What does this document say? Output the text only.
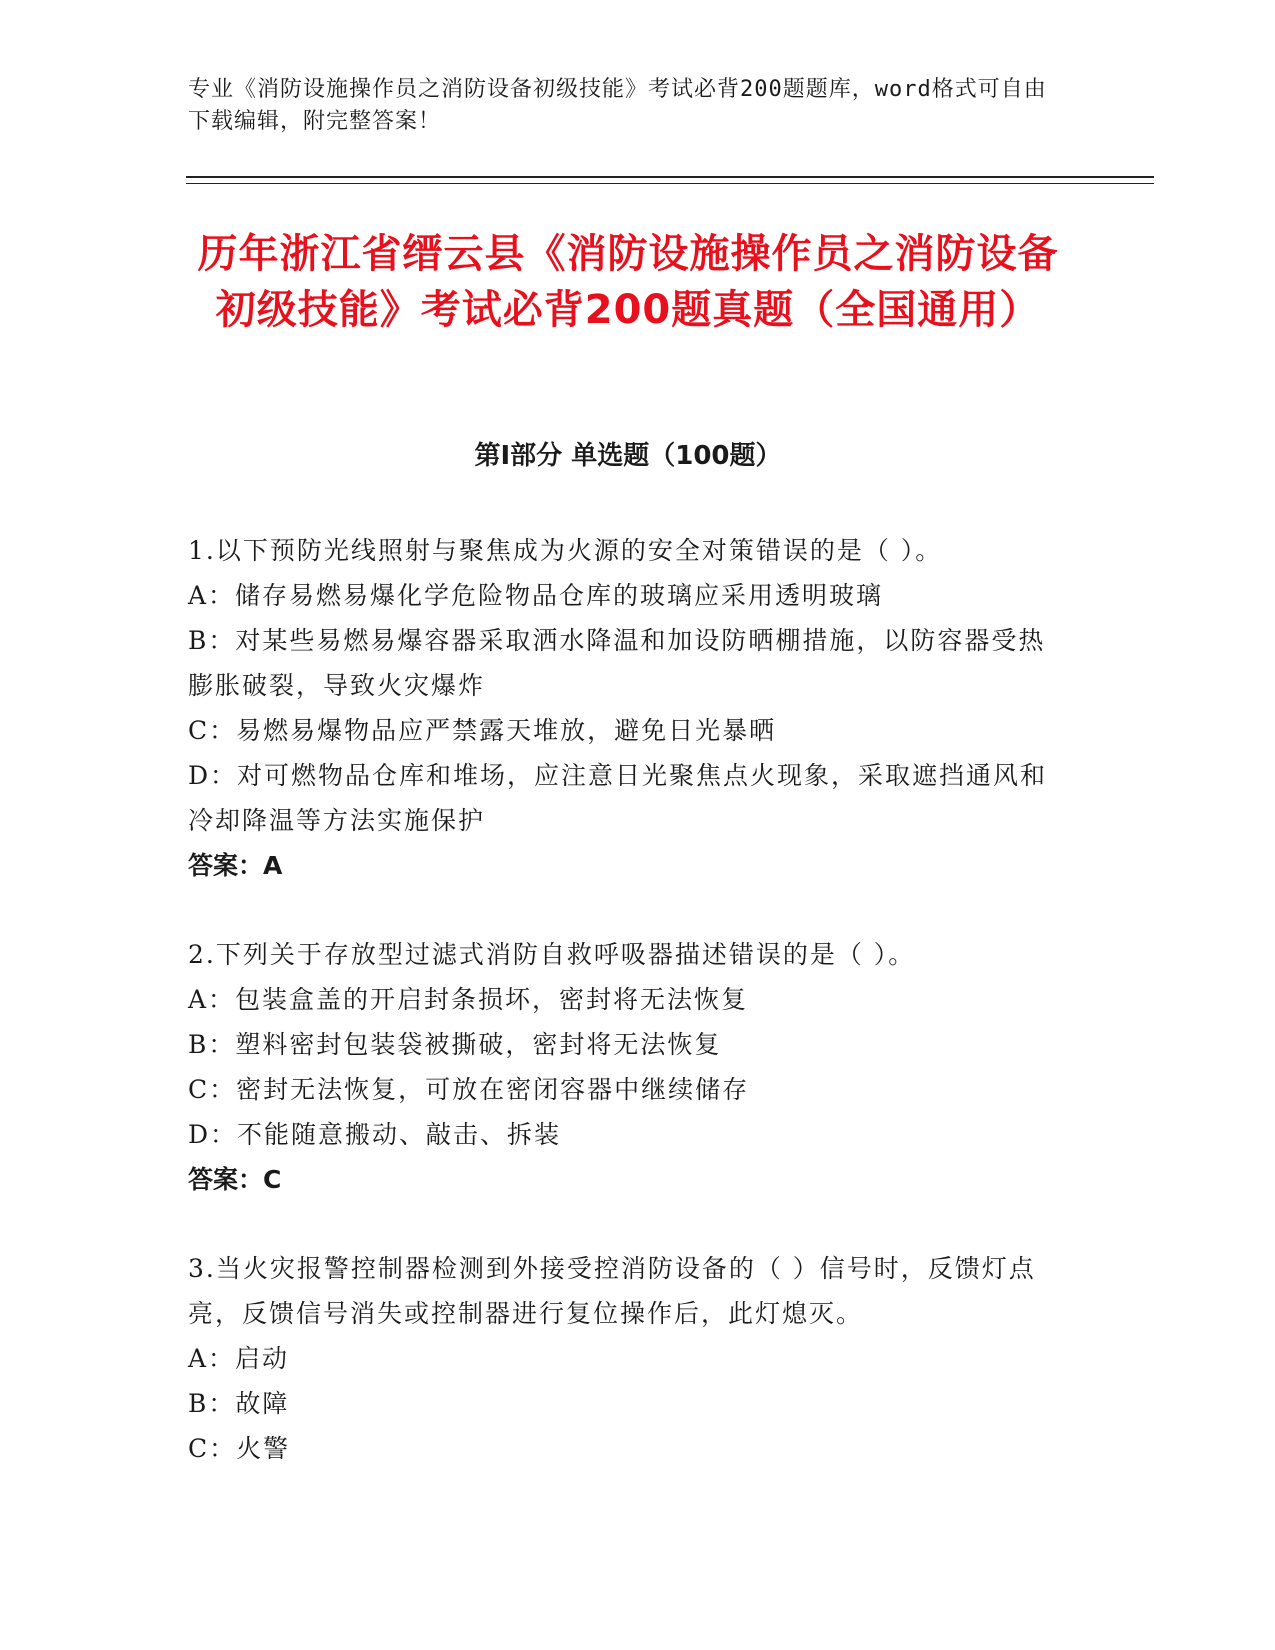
专业《消防设施操作员之消防设备初级技能》考试必背200题题库，word格式可自由下载编辑，附完整答案！
历年浙江省缙云县《消防设施操作员之消防设备初级技能》考试必背200题真题（全国通用）
第I部分 单选题（100题）
1.以下预防光线照射与聚焦成为火源的安全对策错误的是（ ）。
A：储存易燃易爆化学危险物品仓库的玻璃应采用透明玻璃
B：对某些易燃易爆容器采取洒水降温和加设防晒棚措施，以防容器受热膨胀破裂，导致火灾爆炸
C：易燃易爆物品应严禁露天堆放，避免日光暴晒
D：对可燃物品仓库和堆场，应注意日光聚焦点火现象，采取遮挡通风和冷却降温等方法实施保护
答案：A
2.下列关于存放型过滤式消防自救呼吸器描述错误的是（ ）。
A：包装盒盖的开启封条损坏，密封将无法恢复
B：塑料密封包装袋被撕破，密封将无法恢复
C：密封无法恢复，可放在密闭容器中继续储存
D：不能随意搬动、敲击、拆装
答案：C
3.当火灾报警控制器检测到外接受控消防设备的（ ）信号时，反馈灯点亮，反馈信号消失或控制器进行复位操作后，此灯熄灭。
A：启动
B：故障
C：火警
